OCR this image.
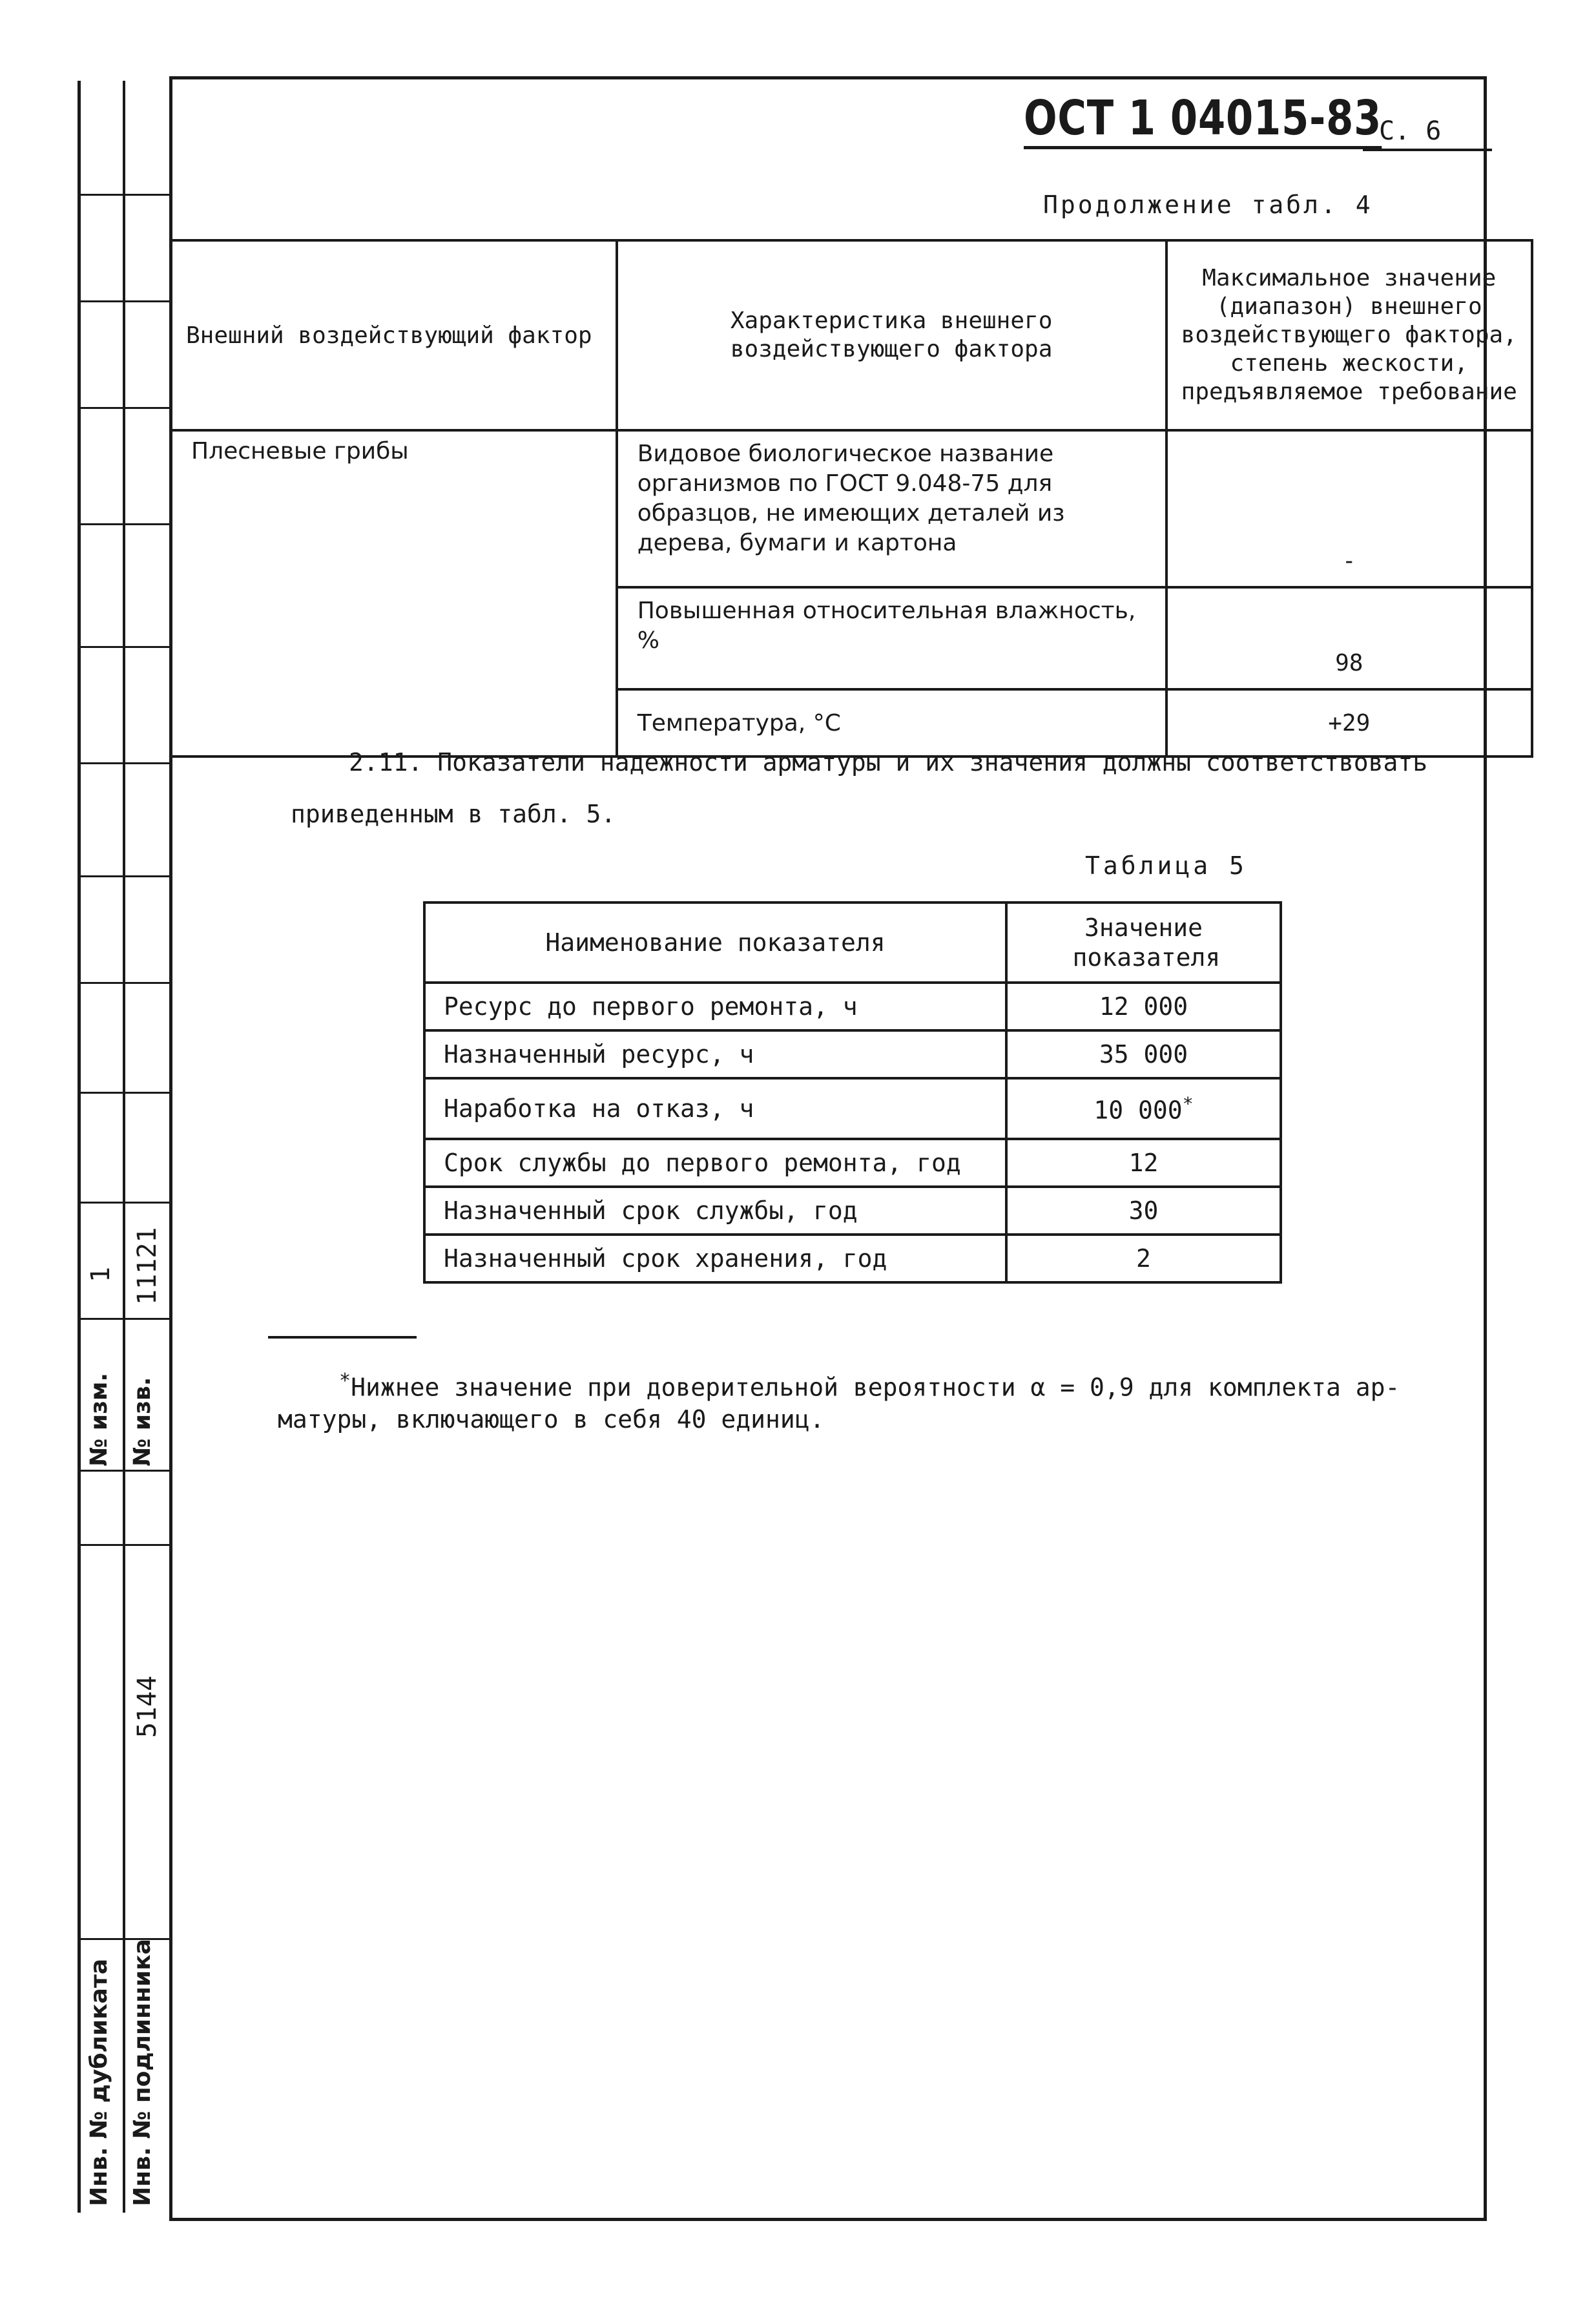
№ изм.
1
№ изв.
11121
Инв. № дубликата Инв. № подлинника
5144
ОСТ 1 04015-83
С. 6
Продолжение табл. 4
Внешний воздействующий фактор	Характеристика внешнего воздействующего фактора	Максимальное значение (диапазон) внешнего воздействующего фактора, степень жескости, предъявляемое требование

Плесневые грибы	Видовое биологическое название организмов по ГОСТ 9.048-75 для образцов, не имеющих деталей из дерева, бумаги и картона	-
	Повышенная относительная влажность, %	98
	Температура, °С	+29
2.11. Показатели надежности арматуры и их значения должны соответствовать
приведенным в табл. 5.
Таблица 5
Наименование показателя	Значение показателя

Ресурс до первого ремонта, ч	12 000
Назначенный ресурс, ч	35 000
Наработка на отказ, ч	10 000*
Срок службы до первого ремонта, год	12
Назначенный срок службы, год	30
Назначенный срок хранения, год	2
*Нижнее значение при доверительной вероятности α = 0,9 для комплекта ар-
матуры, включающего в себя 40 единиц.
